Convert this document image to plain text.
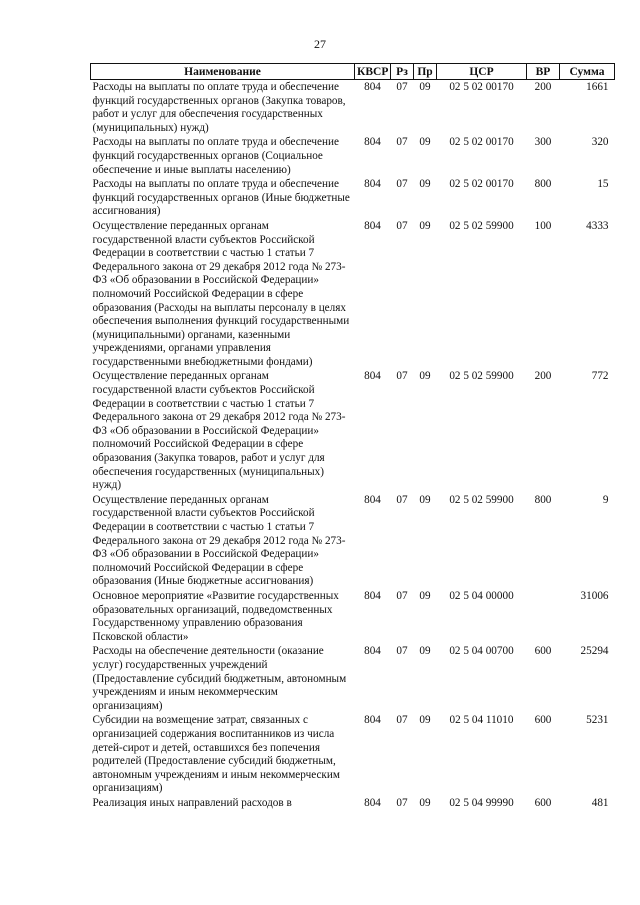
27
Наименование	КВСР	Рз	Пр	ЦСР	ВР	Сумма
Расходы на выплаты по оплате труда и обеспечение функций государственных органов (Закупка товаров, работ и услуг для обеспечения государственных (муниципальных) нужд)	804	07	09	02 5 02 00170	200	1661
Расходы на выплаты по оплате труда и обеспечение функций государственных органов (Социальное обеспечение и иные выплаты населению)	804	07	09	02 5 02 00170	300	320
Расходы на выплаты по оплате труда и обеспечение функций государственных органов (Иные бюджетные ассигнования)	804	07	09	02 5 02 00170	800	15
Осуществление переданных органам государственной власти субъектов Российской Федерации в соответствии с частью 1 статьи 7 Федерального закона от 29 декабря 2012 года № 273-ФЗ «Об образовании в Российской Федерации» полномочий Российской Федерации в сфере образования (Расходы на выплаты персоналу в целях обеспечения выполнения функций государственными (муниципальными) органами, казенными учреждениями, органами управления государственными внебюджетными фондами)	804	07	09	02 5 02 59900	100	4333
Осуществление переданных органам государственной власти субъектов Российской Федерации в соответствии с частью 1 статьи 7 Федерального закона от 29 декабря 2012 года № 273-ФЗ «Об образовании в Российской Федерации» полномочий Российской Федерации в сфере образования (Закупка товаров, работ и услуг для обеспечения государственных (муниципальных) нужд)	804	07	09	02 5 02 59900	200	772
Осуществление переданных органам государственной власти субъектов Российской Федерации в соответствии с частью 1 статьи 7 Федерального закона от 29 декабря 2012 года № 273-ФЗ «Об образовании в Российской Федерации» полномочий Российской Федерации в сфере образования (Иные бюджетные ассигнования)	804	07	09	02 5 02 59900	800	9
Основное мероприятие «Развитие государственных образовательных организаций, подведомственных Государственному управлению образования Псковской области»	804	07	09	02 5 04 00000		31006
Расходы на обеспечение деятельности (оказание услуг) государственных учреждений (Предоставление субсидий бюджетным, автономным учреждениям и иным некоммерческим организациям)	804	07	09	02 5 04 00700	600	25294
Субсидии на возмещение затрат, связанных с организацией содержания воспитанников из числа детей-сирот и детей, оставшихся без попечения родителей (Предоставление субсидий бюджетным, автономным учреждениям и иным некоммерческим организациям)	804	07	09	02 5 04 11010	600	5231
Реализация иных направлений расходов в	804	07	09	02 5 04 99990	600	481
